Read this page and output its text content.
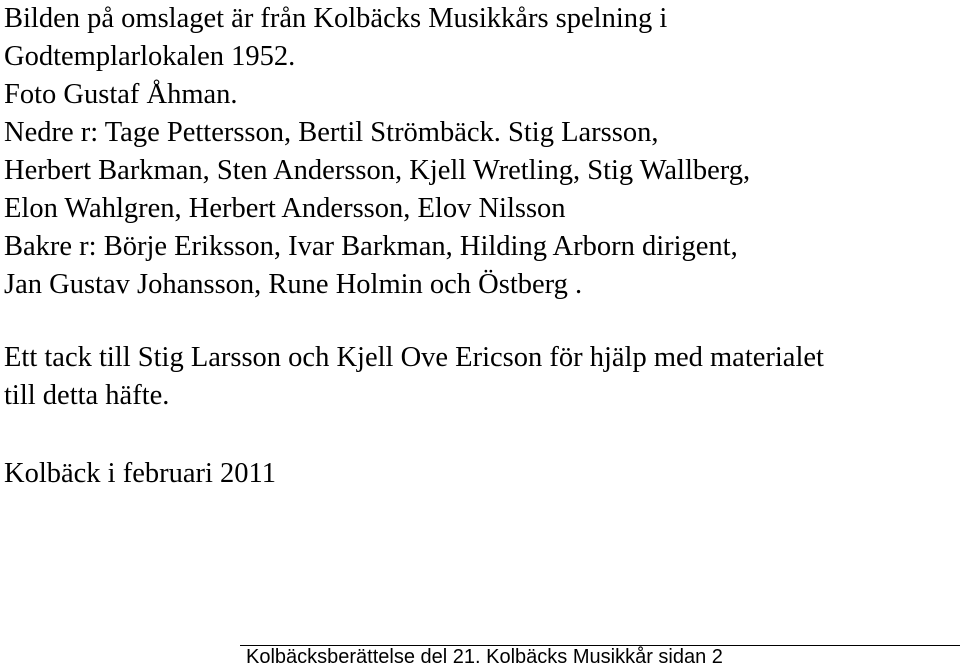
Bilden på omslaget är från Kolbäcks Musikkårs spelning i
Godtemplarlokalen 1952.
Foto Gustaf Åhman.
Nedre r: Tage Pettersson, Bertil Strömbäck. Stig Larsson,
Herbert Barkman, Sten Andersson, Kjell Wretling, Stig Wallberg,
Elon Wahlgren, Herbert Andersson, Elov Nilsson
Bakre r: Börje Eriksson, Ivar Barkman, Hilding Arborn dirigent,
Jan Gustav Johansson, Rune Holmin och Östberg .
Ett tack till Stig Larsson och Kjell Ove Ericson för hjälp med materialet
till detta häfte.
Kolbäck i februari 2011
Kolbäcksberättelse del 21. Kolbäcks Musikkår sidan 2
